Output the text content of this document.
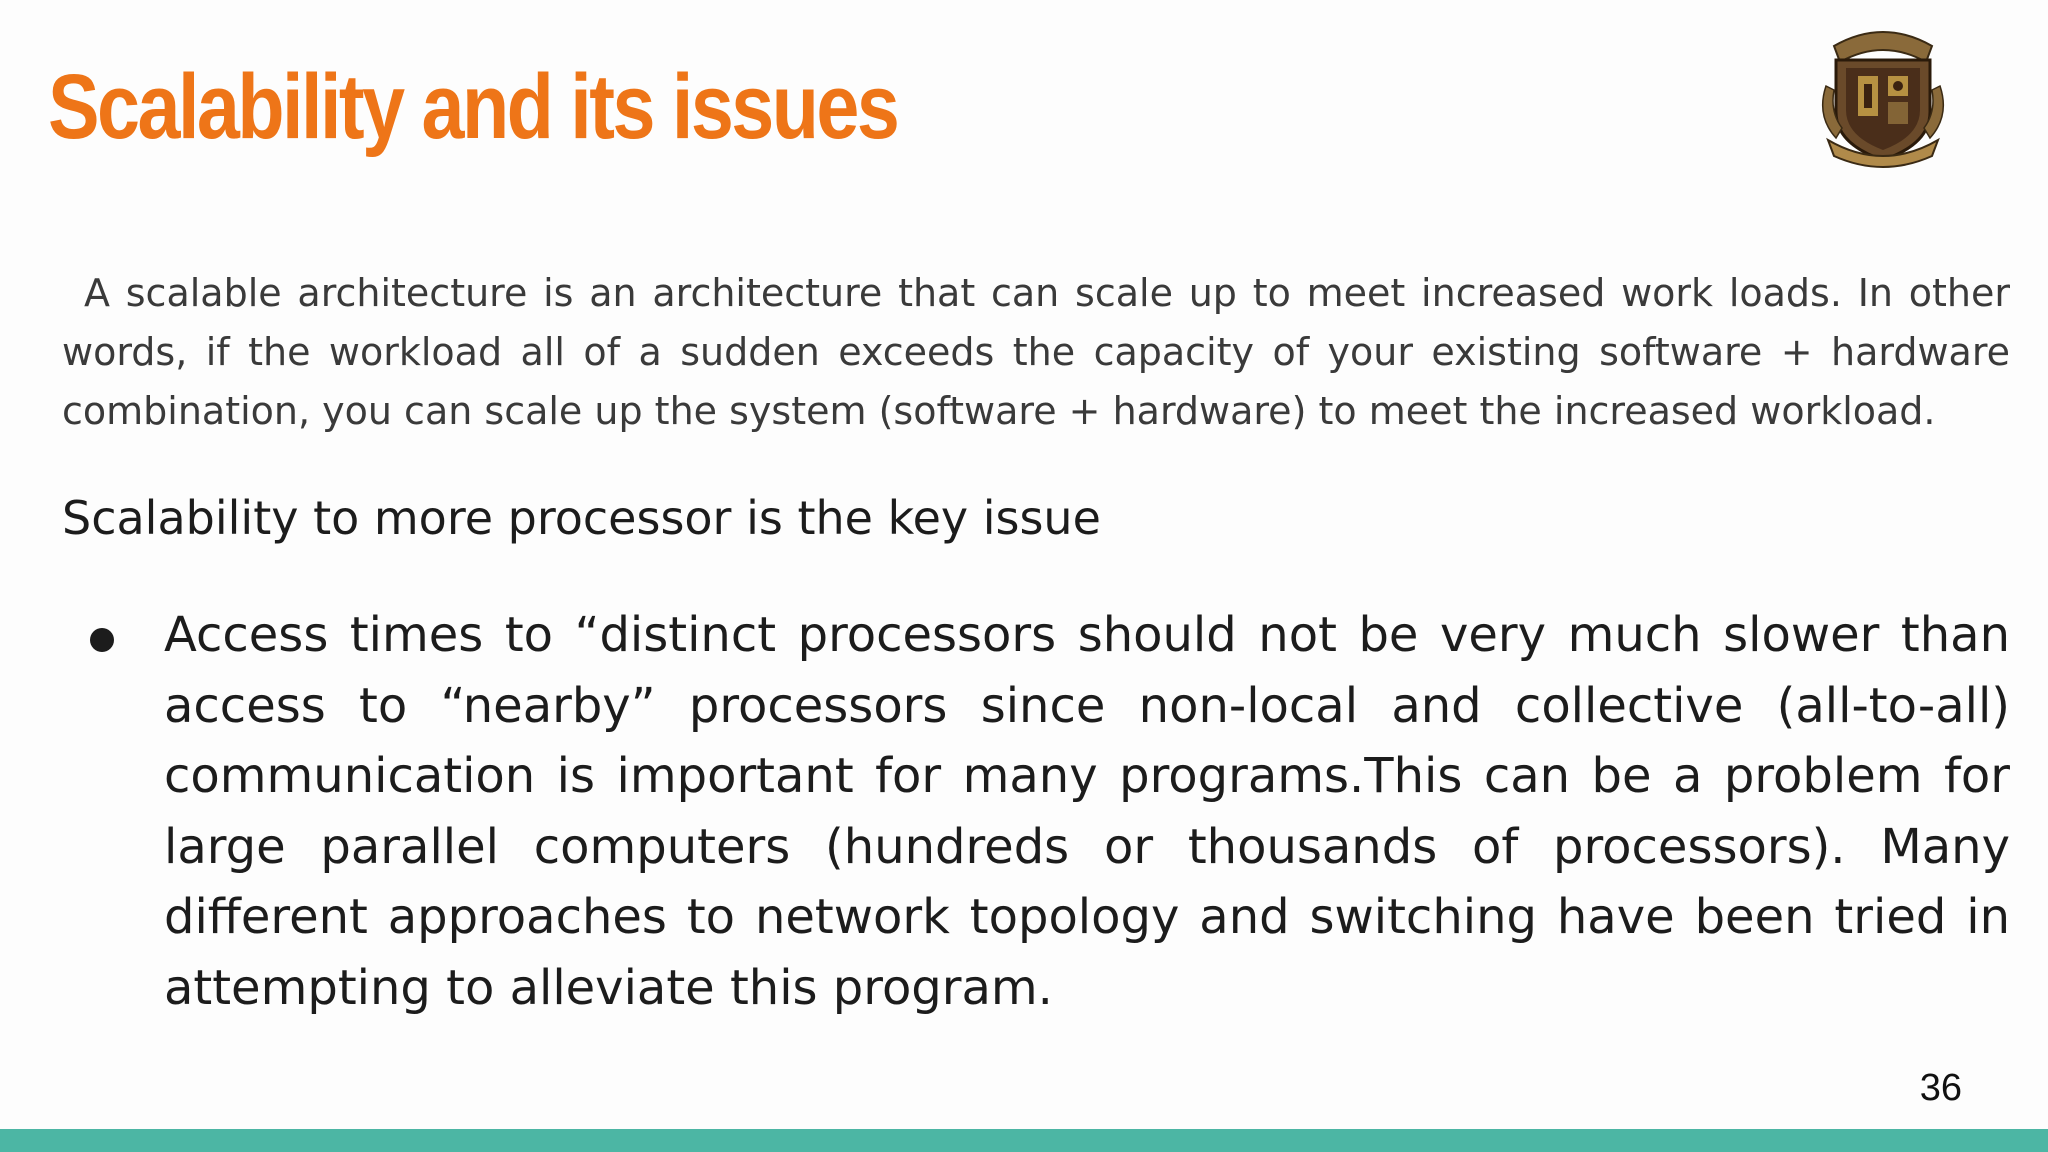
Scalability and its issues

A scalable architecture is an architecture that can scale up to meet increased work loads. In other words, if the workload all of a sudden exceeds the capacity of your existing software + hardware combination, you can scale up the system (software + hardware) to meet the increased workload.

Scalability to more processor is the key issue

Access times to “distinct processors should not be very much slower than access to “nearby” processors since non-local and collective (all-to-all) communication is important for many programs.This can be a problem for large parallel computers (hundreds or thousands of processors). Many different approaches to network topology and switching have been tried in attempting to alleviate this program.
36
